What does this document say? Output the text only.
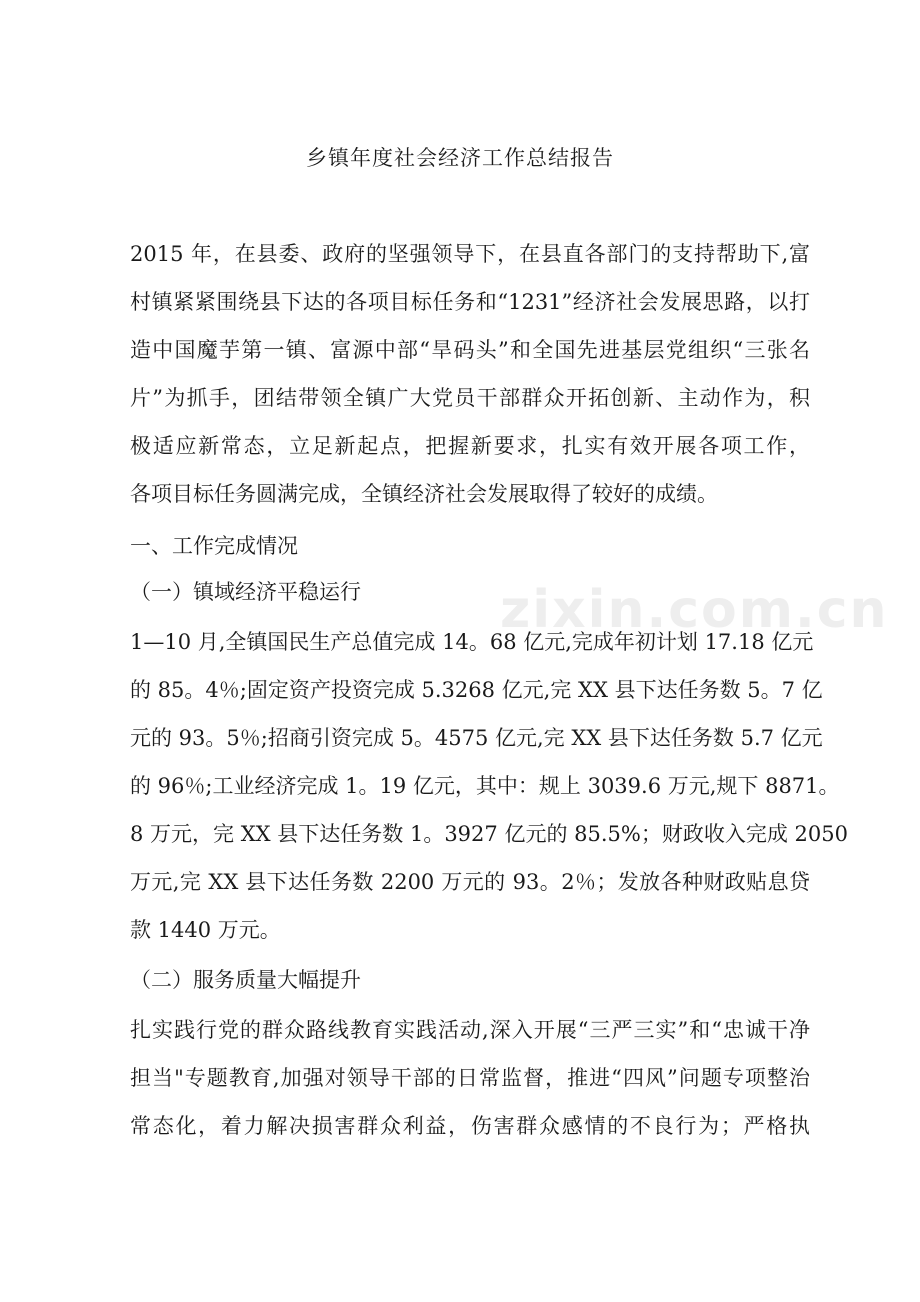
zixin.com.cn
乡镇年度社会经济工作总结报告
2015 年，在县委、政府的坚强领导下，在县直各部门的支持帮助下,富
村镇紧紧围绕县下达的各项目标任务和“1231”经济社会发展思路，以打
造中国魔芋第一镇、富源中部“旱码头”和全国先进基层党组织“三张名
片”为抓手，团结带领全镇广大党员干部群众开拓创新、主动作为，积
极适应新常态，立足新起点，把握新要求，扎实有效开展各项工作，
各项目标任务圆满完成，全镇经济社会发展取得了较好的成绩。
一、工作完成情况
（一）镇域经济平稳运行
1—10 月,全镇国民生产总值完成 14。68 亿元,完成年初计划 17.18 亿元
的 85。4％;固定资产投资完成 5.3268 亿元,完 XX 县下达任务数 5。7 亿
元的 93。5％;招商引资完成 5。4575 亿元,完 XX 县下达任务数 5.7 亿元
的 96％;工业经济完成 1。19 亿元，其中：规上 3039.6 万元,规下 8871。
8 万元，完 XX 县下达任务数 1。3927 亿元的 85.5%；财政收入完成 2050
万元,完 XX 县下达任务数 2200 万元的 93。2％；发放各种财政贴息贷
款 1440 万元。
（二）服务质量大幅提升
扎实践行党的群众路线教育实践活动,深入开展“三严三实”和“忠诚干净
担当"专题教育,加强对领导干部的日常监督，推进“四风”问题专项整治
常态化，着力解决损害群众利益，伤害群众感情的不良行为；严格执
